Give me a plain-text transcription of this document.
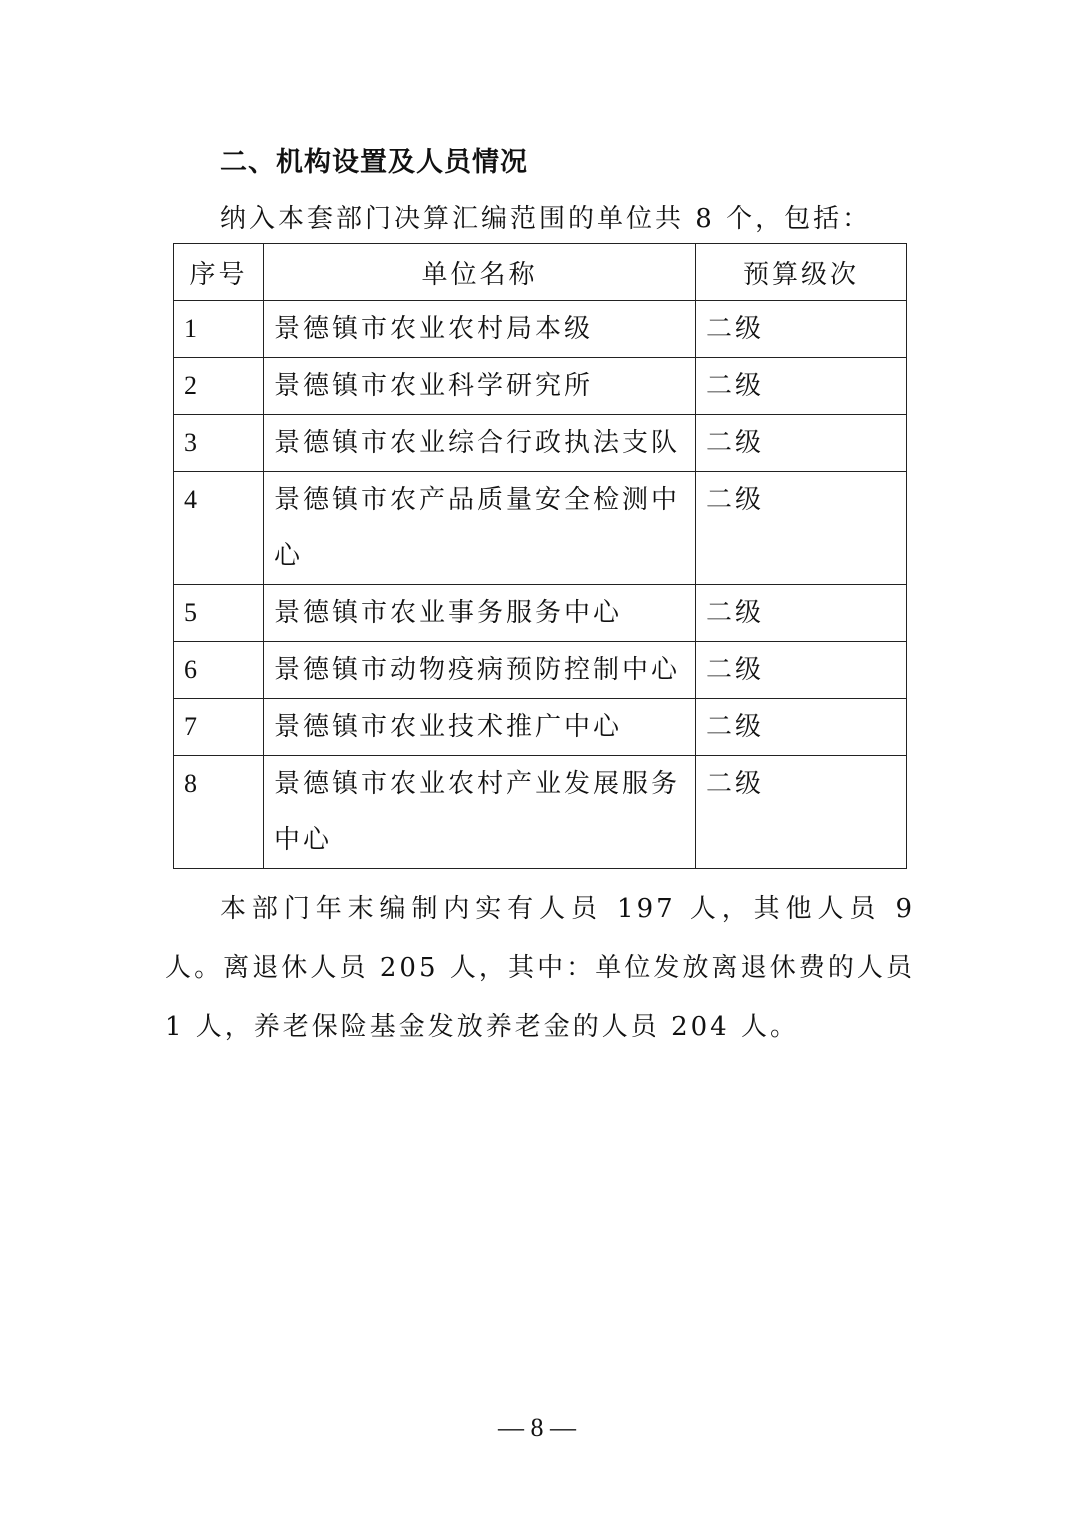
二、机构设置及人员情况
纳入本套部门决算汇编范围的单位共 8 个，包括：
序号	单位名称	预算级次
1	景德镇市农业农村局本级	二级
2	景德镇市农业科学研究所	二级
3	景德镇市农业综合行政执法支队	二级
4	景德镇市农产品质量安全检测中心	二级
5	景德镇市农业事务服务中心	二级
6	景德镇市动物疫病预防控制中心	二级
7	景德镇市农业技术推广中心	二级
8	景德镇市农业农村产业发展服务中心	二级
本部门年末编制内实有人员 197 人，其他人员 9 人。离退休人员 205 人，其中：单位发放离退休费的人员 1 人，养老保险基金发放养老金的人员 204 人。
— 8 —
